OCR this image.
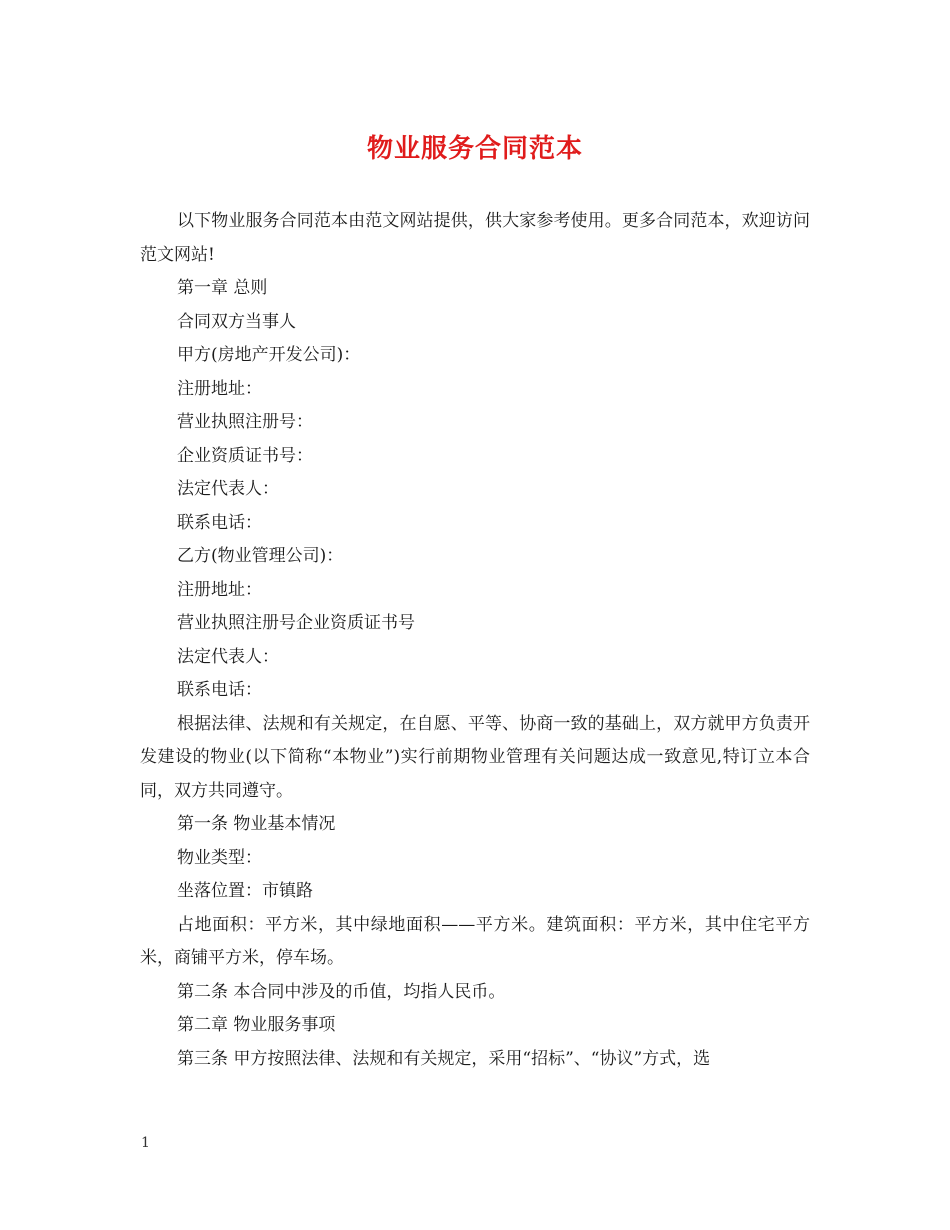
物业服务合同范本

以下物业服务合同范本由范文网站提供，供大家参考使用。更多合同范本，欢迎访问范文网站!

第一章 总则

合同双方当事人

甲方(房地产开发公司)：

注册地址：

营业执照注册号：

企业资质证书号：

法定代表人：

联系电话：

乙方(物业管理公司)：

注册地址：

营业执照注册号企业资质证书号

法定代表人：

联系电话：

根据法律、法规和有关规定，在自愿、平等、协商一致的基础上，双方就甲方负责开发建设的物业(以下简称“本物业”)实行前期物业管理有关问题达成一致意见,特订立本合同，双方共同遵守。

第一条 物业基本情况

物业类型：

坐落位置：市镇路

占地面积：平方米，其中绿地面积——平方米。建筑面积：平方米，其中住宅平方米，商铺平方米，停车场。

第二条 本合同中涉及的币值，均指人民币。

第二章 物业服务事项

第三条 甲方按照法律、法规和有关规定，采用“招标”、“协议”方式，选

1
